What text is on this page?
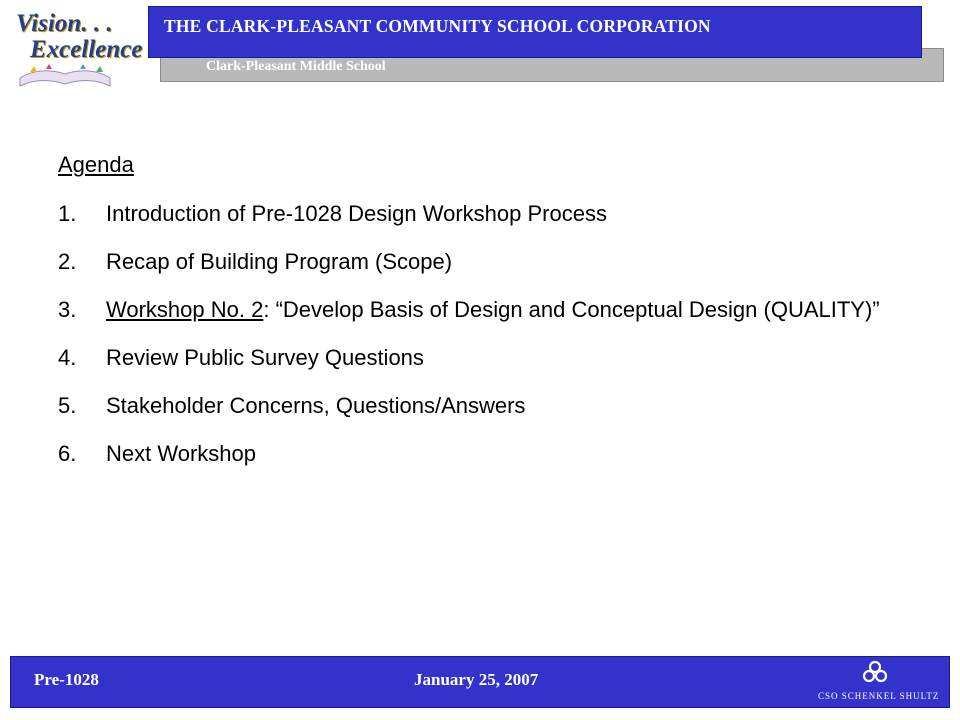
Vision. . .
Excellence
Clark-Pleasant Middle School
THE CLARK-PLEASANT COMMUNITY SCHOOL CORPORATION
Agenda
1. Introduction of Pre-1028 Design Workshop Process
2. Recap of Building Program (Scope)
3. Workshop No. 2: “Develop Basis of Design and Conceptual Design (QUALITY)”
4. Review Public Survey Questions
5. Stakeholder Concerns, Questions/Answers
6. Next Workshop
Pre-1028	January 25, 2007
CSO SCHENKEL SHULTZ
